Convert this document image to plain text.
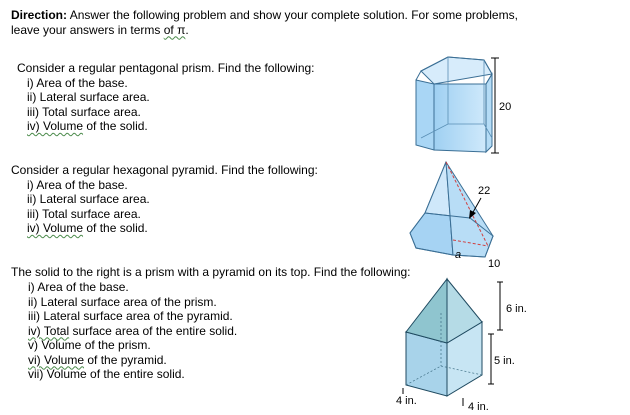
Direction: Answer the following problem and show your complete solution. For some problems,
leave your answers in terms of π.
Consider a regular pentagonal prism. Find the following:
i) Area of the base.
ii) Lateral surface area.
iii) Total surface area.
iv) Volume of the solid.
Consider a regular hexagonal pyramid. Find the following:
i) Area of the base.
ii) Lateral surface area.
iii) Total surface area.
iv) Volume of the solid.
The solid to the right is a prism with a pyramid on its top. Find the following:
i) Area of the base.
ii) Lateral surface area of the prism.
iii) Lateral surface area of the pyramid.
iv) Total surface area of the entire solid.
v) Volume of the prism.
vi) Volume of the pyramid.
vii) Volume of the entire solid.
20
22
a
10
6 in.
5 in.
4 in.	4 in.
